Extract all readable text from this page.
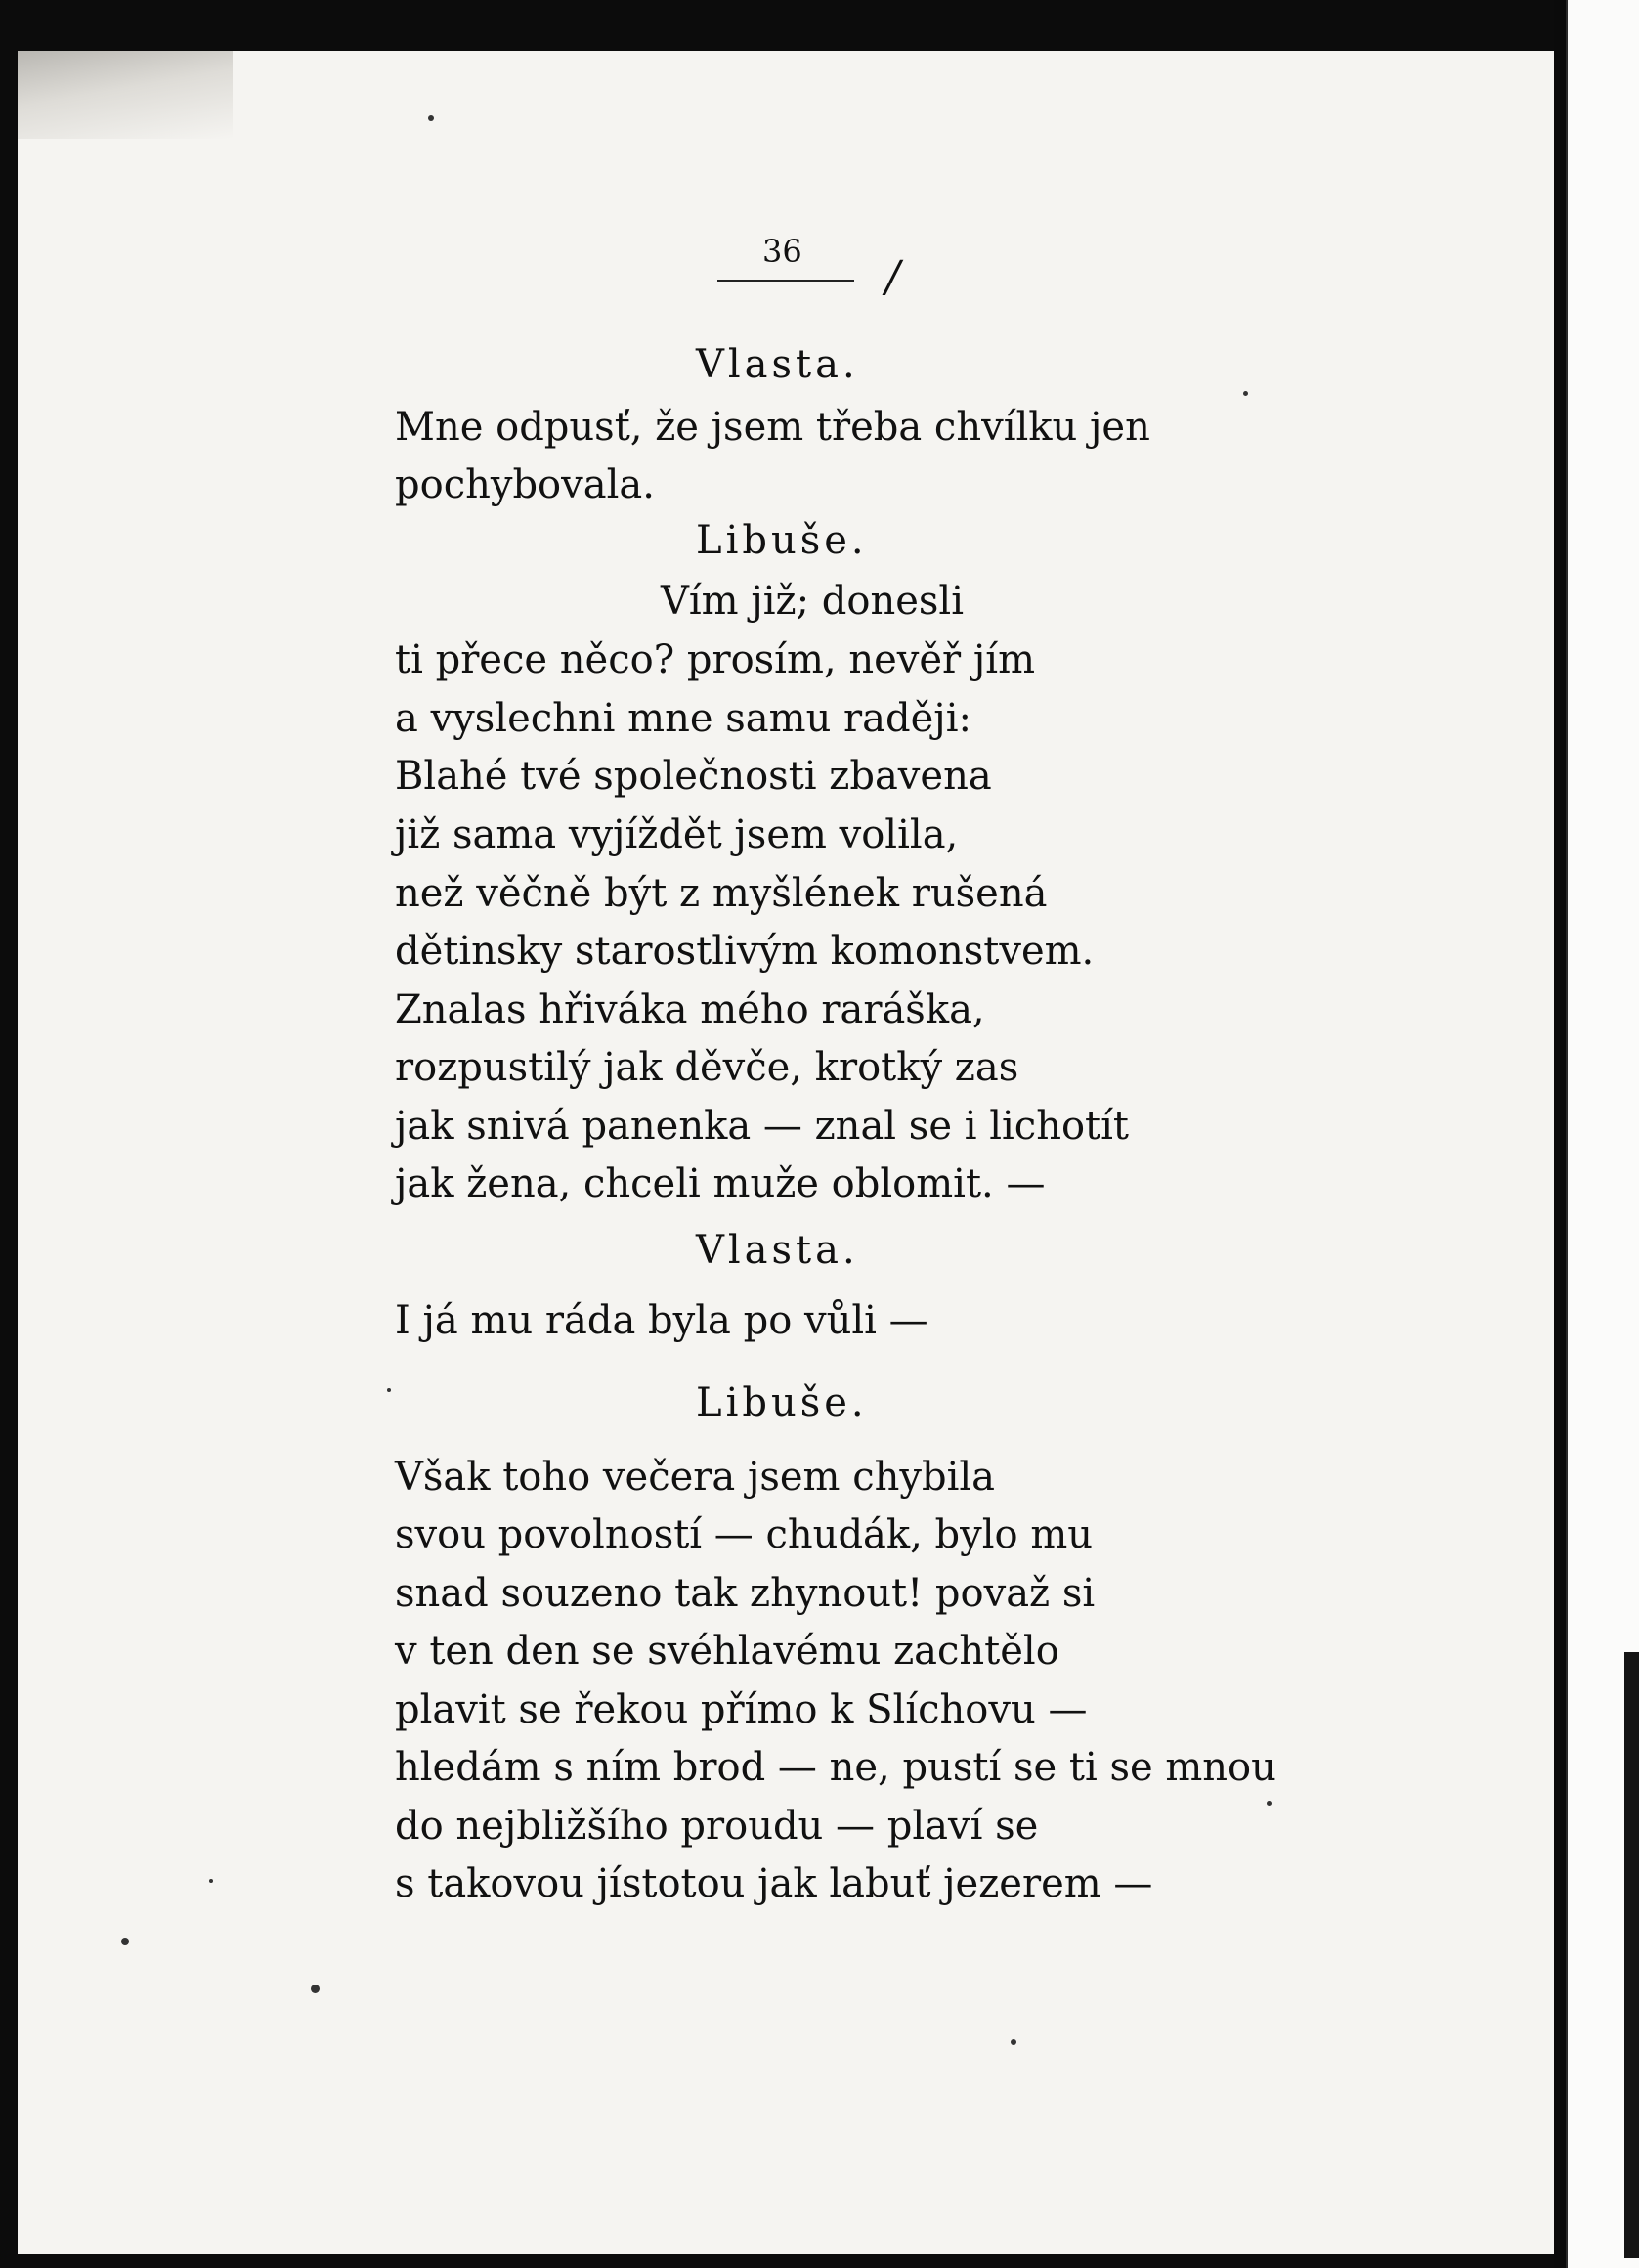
36
/
Vlasta.
Mne odpusť, že jsem třeba chvílku jen
pochybovala.
Libuše.
Vím již; donesli
ti přece něco? prosím, nevěř jím
a vyslechni mne samu raději:
Blahé tvé společnosti zbavena
již sama vyjíždět jsem volila,
než věčně být z myšlének rušená
dětinsky starostlivým komonstvem.
Znalas hřiváka mého raráška,
rozpustilý jak děvče, krotký zas
jak snivá panenka — znal se i lichotít
jak žena, chceli muže oblomit. —
Vlasta.
I já mu ráda byla po vůli —
Libuše.
Však toho večera jsem chybila
svou povolností — chudák, bylo mu
snad souzeno tak zhynout! považ si
v ten den se svéhlavému zachtělo
plavit se řekou přímo k Slíchovu —
hledám s ním brod — ne, pustí se ti se mnou
do nejbližšího proudu — plaví se
s takovou jístotou jak labuť jezerem —
